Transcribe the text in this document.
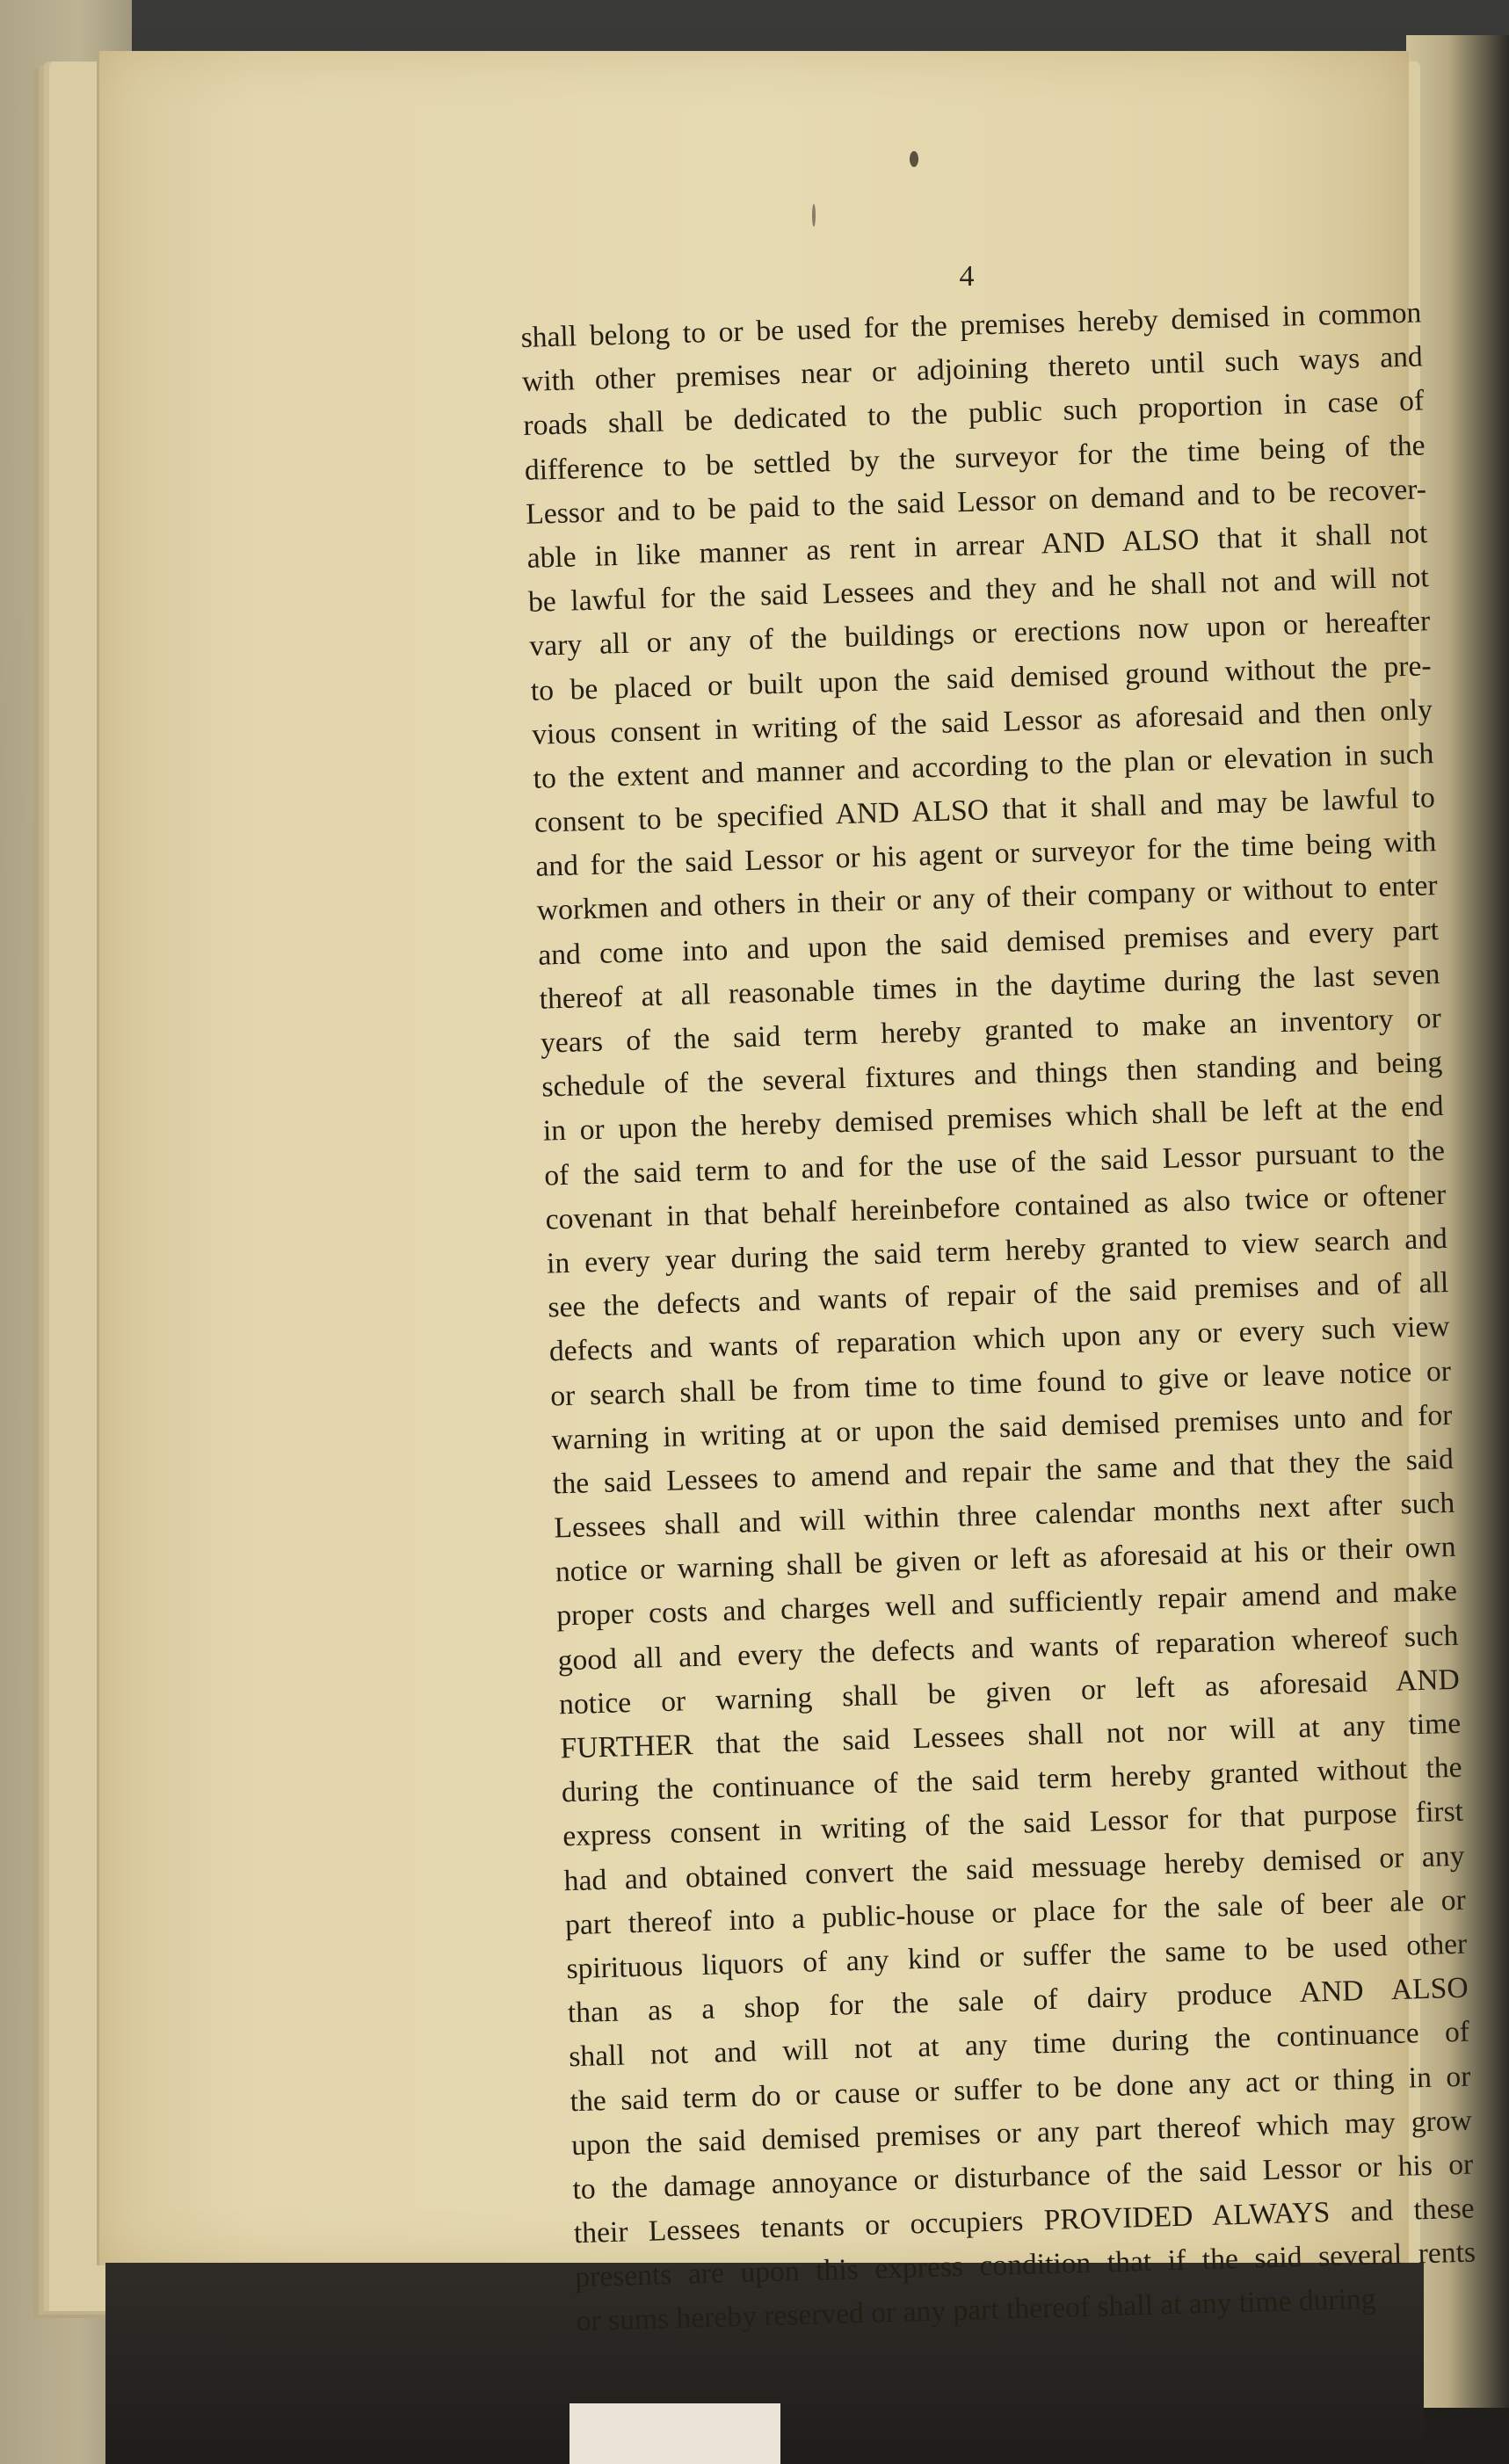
4
shall belong to or be used for the premises hereby demised in common
with other premises near or adjoining thereto until such ways and
roads shall be dedicated to the public such proportion in case of
difference to be settled by the surveyor for the time being of the
Lessor and to be paid to the said Lessor on demand and to be recover-
able in like manner as rent in arrear AND ALSO that it shall not
be lawful for the said Lessees and they and he shall not and will not
vary all or any of the buildings or erections now upon or hereafter
to be placed or built upon the said demised ground without the pre-
vious consent in writing of the said Lessor as aforesaid and then only
to the extent and manner and according to the plan or elevation in such
consent to be specified AND ALSO that it shall and may be lawful to
and for the said Lessor or his agent or surveyor for the time being with
workmen and others in their or any of their company or without to enter
and come into and upon the said demised premises and every part
thereof at all reasonable times in the daytime during the last seven
years of the said term hereby granted to make an inventory or
schedule of the several fixtures and things then standing and being
in or upon the hereby demised premises which shall be left at the end
of the said term to and for the use of the said Lessor pursuant to the
covenant in that behalf hereinbefore contained as also twice or oftener
in every year during the said term hereby granted to view search and
see the defects and wants of repair of the said premises and of all
defects and wants of reparation which upon any or every such view
or search shall be from time to time found to give or leave notice or
warning in writing at or upon the said demised premises unto and for
the said Lessees to amend and repair the same and that they the said
Lessees shall and will within three calendar months next after such
notice or warning shall be given or left as aforesaid at his or their own
proper costs and charges well and sufficiently repair amend and make
good all and every the defects and wants of reparation whereof such
notice or warning shall be given or left as aforesaid AND
FURTHER that the said Lessees shall not nor will at any time
during the continuance of the said term hereby granted without the
express consent in writing of the said Lessor for that purpose first
had and obtained convert the said messuage hereby demised or any
part thereof into a public-house or place for the sale of beer ale or
spirituous liquors of any kind or suffer the same to be used other
than as a shop for the sale of dairy produce AND ALSO
shall not and will not at any time during the continuance of
the said term do or cause or suffer to be done any act or thing in or
upon the said demised premises or any part thereof which may grow
to the damage annoyance or disturbance of the said Lessor or his or
their Lessees tenants or occupiers PROVIDED ALWAYS and these
presents are upon this express condition that if the said several rents
or sums hereby reserved or any part thereof shall at any time during
